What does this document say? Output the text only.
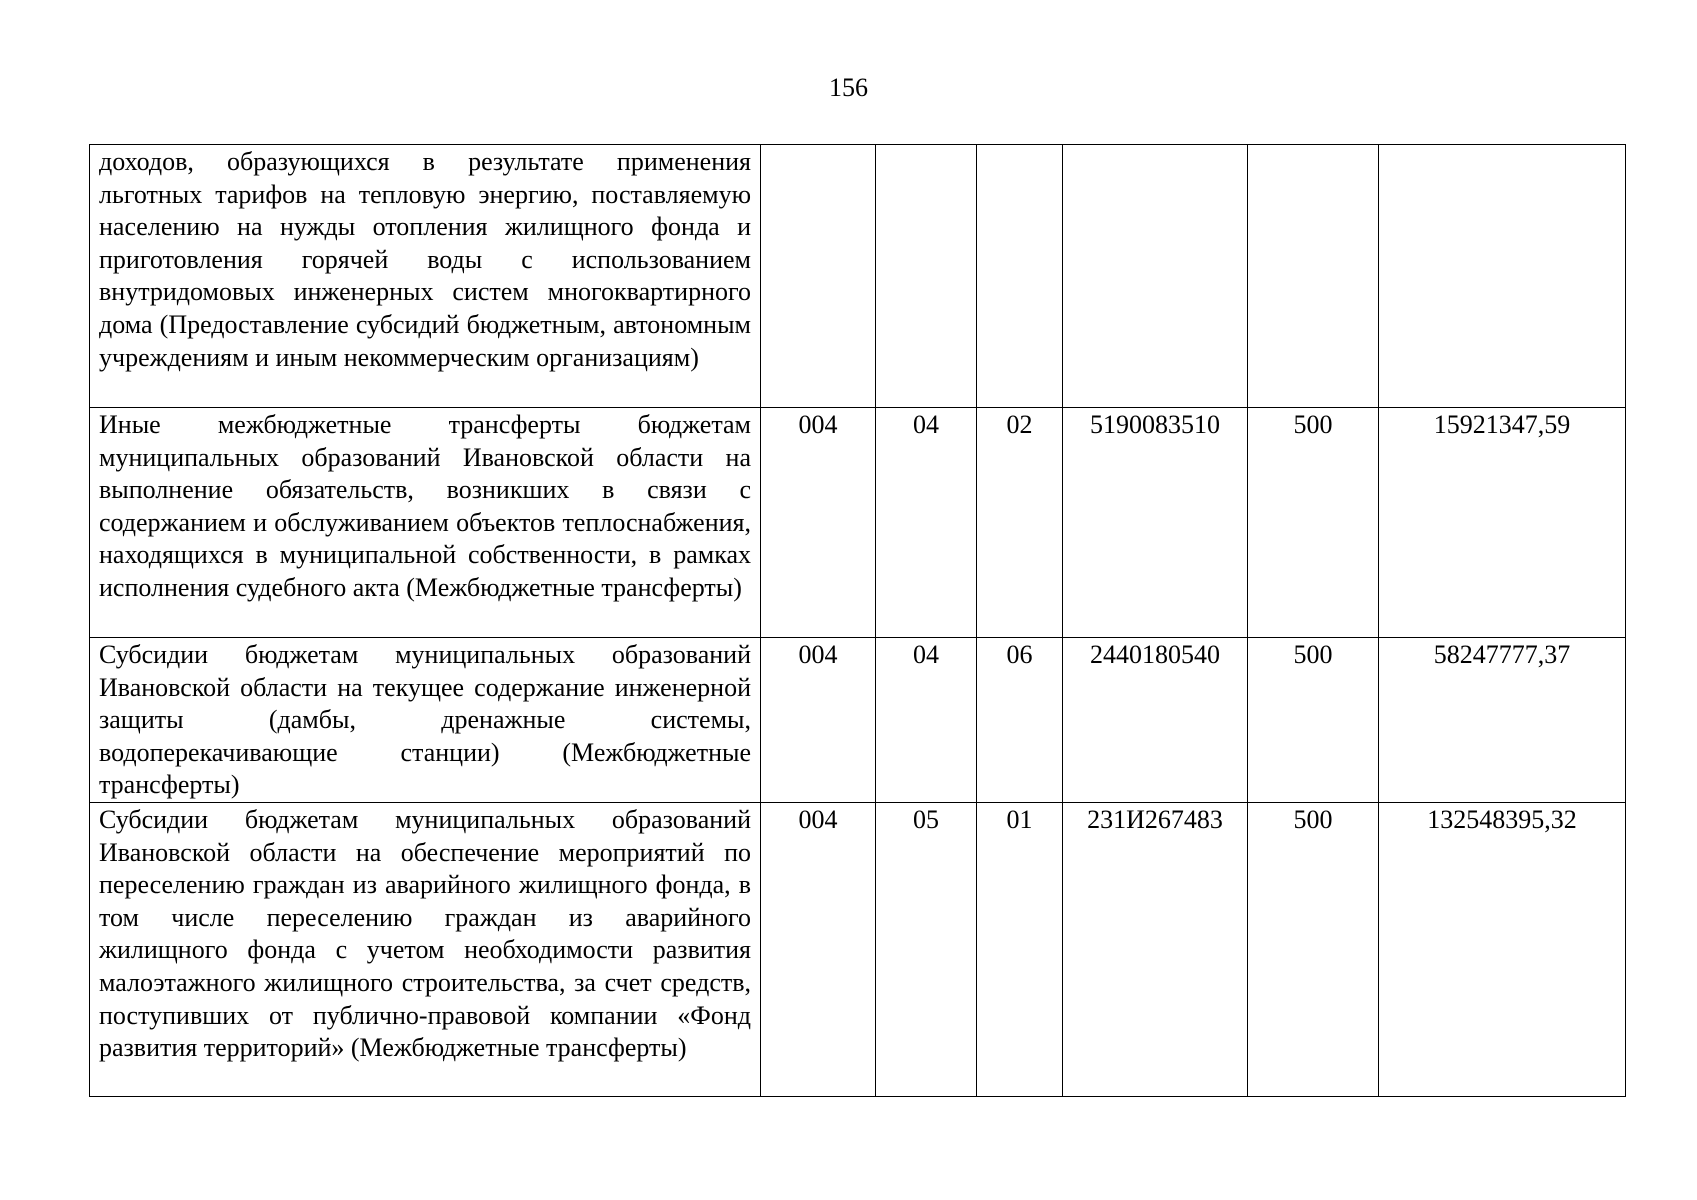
156
доходов, образующихся в результате применения льготных тарифов на тепловую энергию, поставляемую населению на нужды отопления жилищного фонда и приготовления горячей воды с использованием внутридомовых инженерных систем многоквартирного дома (Предоставление субсидий бюджетным, автономным учреждениям и иным некоммерческим организациям)						
Иные межбюджетные трансферты бюджетам муниципальных образований Ивановской области на выполнение обязательств, возникших в связи с содержанием и обслуживанием объектов теплоснабжения, находящихся в муниципальной собственности, в рамках исполнения судебного акта (Межбюджетные трансферты)	004	04	02	5190083510	500	15921347,59
Субсидии бюджетам муниципальных образований Ивановской области на текущее содержание инженерной защиты (дамбы, дренажные системы, водоперекачивающие станции) (Межбюджетные трансферты)	004	04	06	2440180540	500	58247777,37
Субсидии бюджетам муниципальных образований Ивановской области на обеспечение мероприятий по переселению граждан из аварийного жилищного фонда, в том числе переселению граждан из аварийного жилищного фонда с учетом необходимости развития малоэтажного жилищного строительства, за счет средств, поступивших от публично-правовой компании «Фонд развития территорий» (Межбюджетные трансферты)	004	05	01	231И267483	500	132548395,32
